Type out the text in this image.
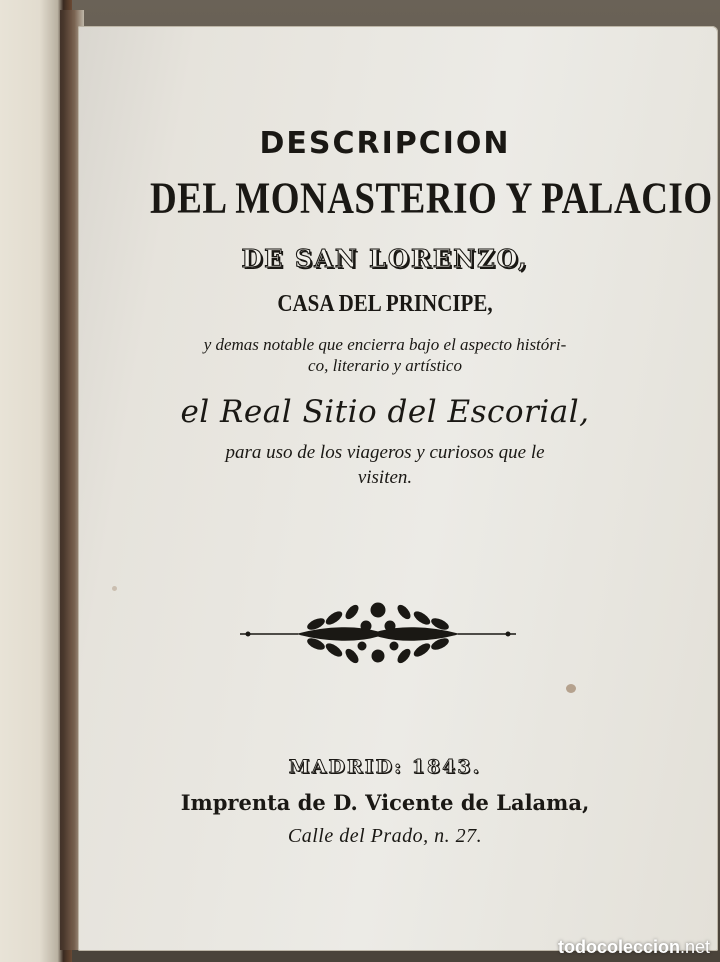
DESCRIPCION
DEL MONASTERIO Y PALACIO
DE SAN LORENZO,
CASA DEL PRINCIPE,
y demas notable que encierra bajo el aspecto históri-
co, literario y artístico
el Real Sitio del Escorial,
para uso de los viageros y curiosos que le
visiten.
MADRID: 1843.
Imprenta de D. Vicente de Lalama,
Calle del Prado, n. 27.
todocoleccion.net
